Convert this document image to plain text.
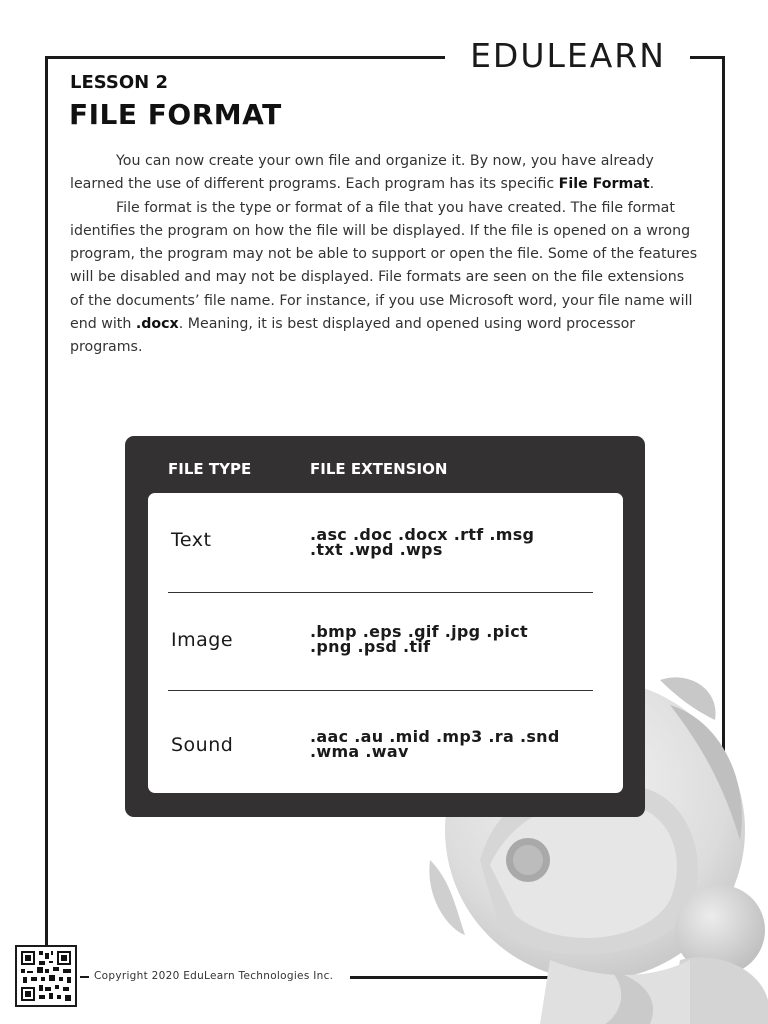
EDULEARN
LESSON 2
FILE FORMAT

You can now create your own file and organize it. By now, you have already learned the use of different programs. Each program has its specific File Format.

File format is the type or format of a file that you have created. The file format identifies the program on how the file will be displayed. If the file is opened on a wrong program, the program may not be able to support or open the file. Some of the features will be disabled and may not be displayed. File formats are seen on the file extensions of the documents’ file name. For instance, if you use Microsoft word, your file name will end with .docx. Meaning, it is best displayed and opened using word processor programs.

FILE TYPE	FILE EXTENSION
Text	.asc .doc .docx .rtf .msg
.txt .wpd .wps
Image	.bmp .eps .gif .jpg .pict
.png .psd .tif
Sound	.aac .au .mid .mp3 .ra .snd
.wma .wav
Copyright 2020 EduLearn Technologies Inc.
